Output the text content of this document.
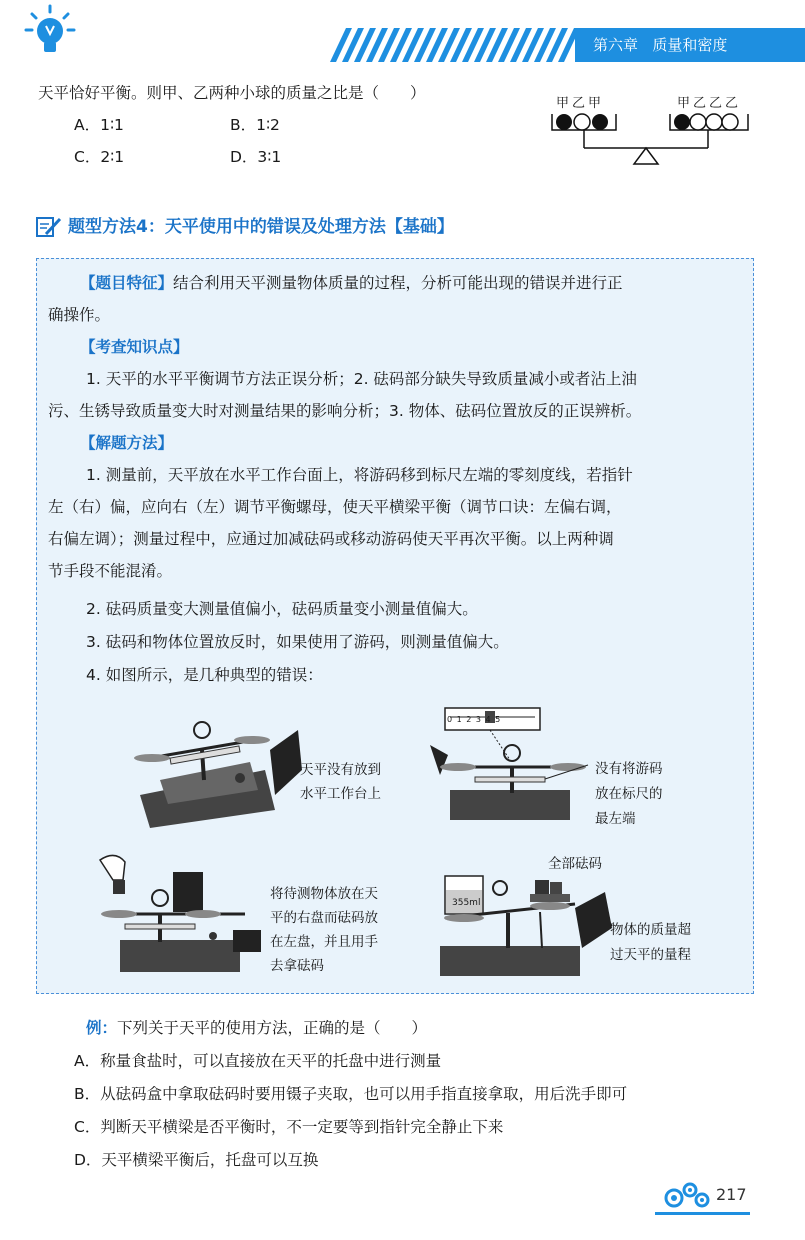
第六章 质量和密度
天平恰好平衡。则甲、乙两种小球的质量之比是（　　）
A．1∶1	B．1∶2
C．2∶1	D．3∶1
甲乙甲	甲乙乙乙
题型方法4：天平使用中的错误及处理方法【基础】
【题目特征】结合利用天平测量物体质量的过程，分析可能出现的错误并进行正
确操作。
【考查知识点】
1. 天平的水平平衡调节方法正误分析；2. 砝码部分缺失导致质量减小或者沾上油
污、生锈导致质量变大时对测量结果的影响分析；3. 物体、砝码位置放反的正误辨析。
【解题方法】
1. 测量前，天平放在水平工作台面上，将游码移到标尺左端的零刻度线，若指针
左（右）偏，应向右（左）调节平衡螺母，使天平横梁平衡（调节口诀：左偏右调，
右偏左调）；测量过程中，应通过加减砝码或移动游码使天平再次平衡。以上两种调
节手段不能混淆。
2. 砝码质量变大测量值偏小，砝码质量变小测量值偏大。
3. 砝码和物体位置放反时，如果使用了游码，则测量值偏大。
4. 如图所示，是几种典型的错误：
天平没有放到
水平工作台上
0 1 2 3 4 5
没有将游码
放在标尺的
最左端
将待测物体放在天
平的右盘而砝码放
在左盘，并且用手
去拿砝码
全部砝码
355ml
物体的质量超
过天平的量程
例：下列关于天平的使用方法，正确的是（　　）
A．称量食盐时，可以直接放在天平的托盘中进行测量
B．从砝码盒中拿取砝码时要用镊子夹取，也可以用手指直接拿取，用后洗手即可
C．判断天平横梁是否平衡时，不一定要等到指针完全静止下来
D．天平横梁平衡后，托盘可以互换
217
